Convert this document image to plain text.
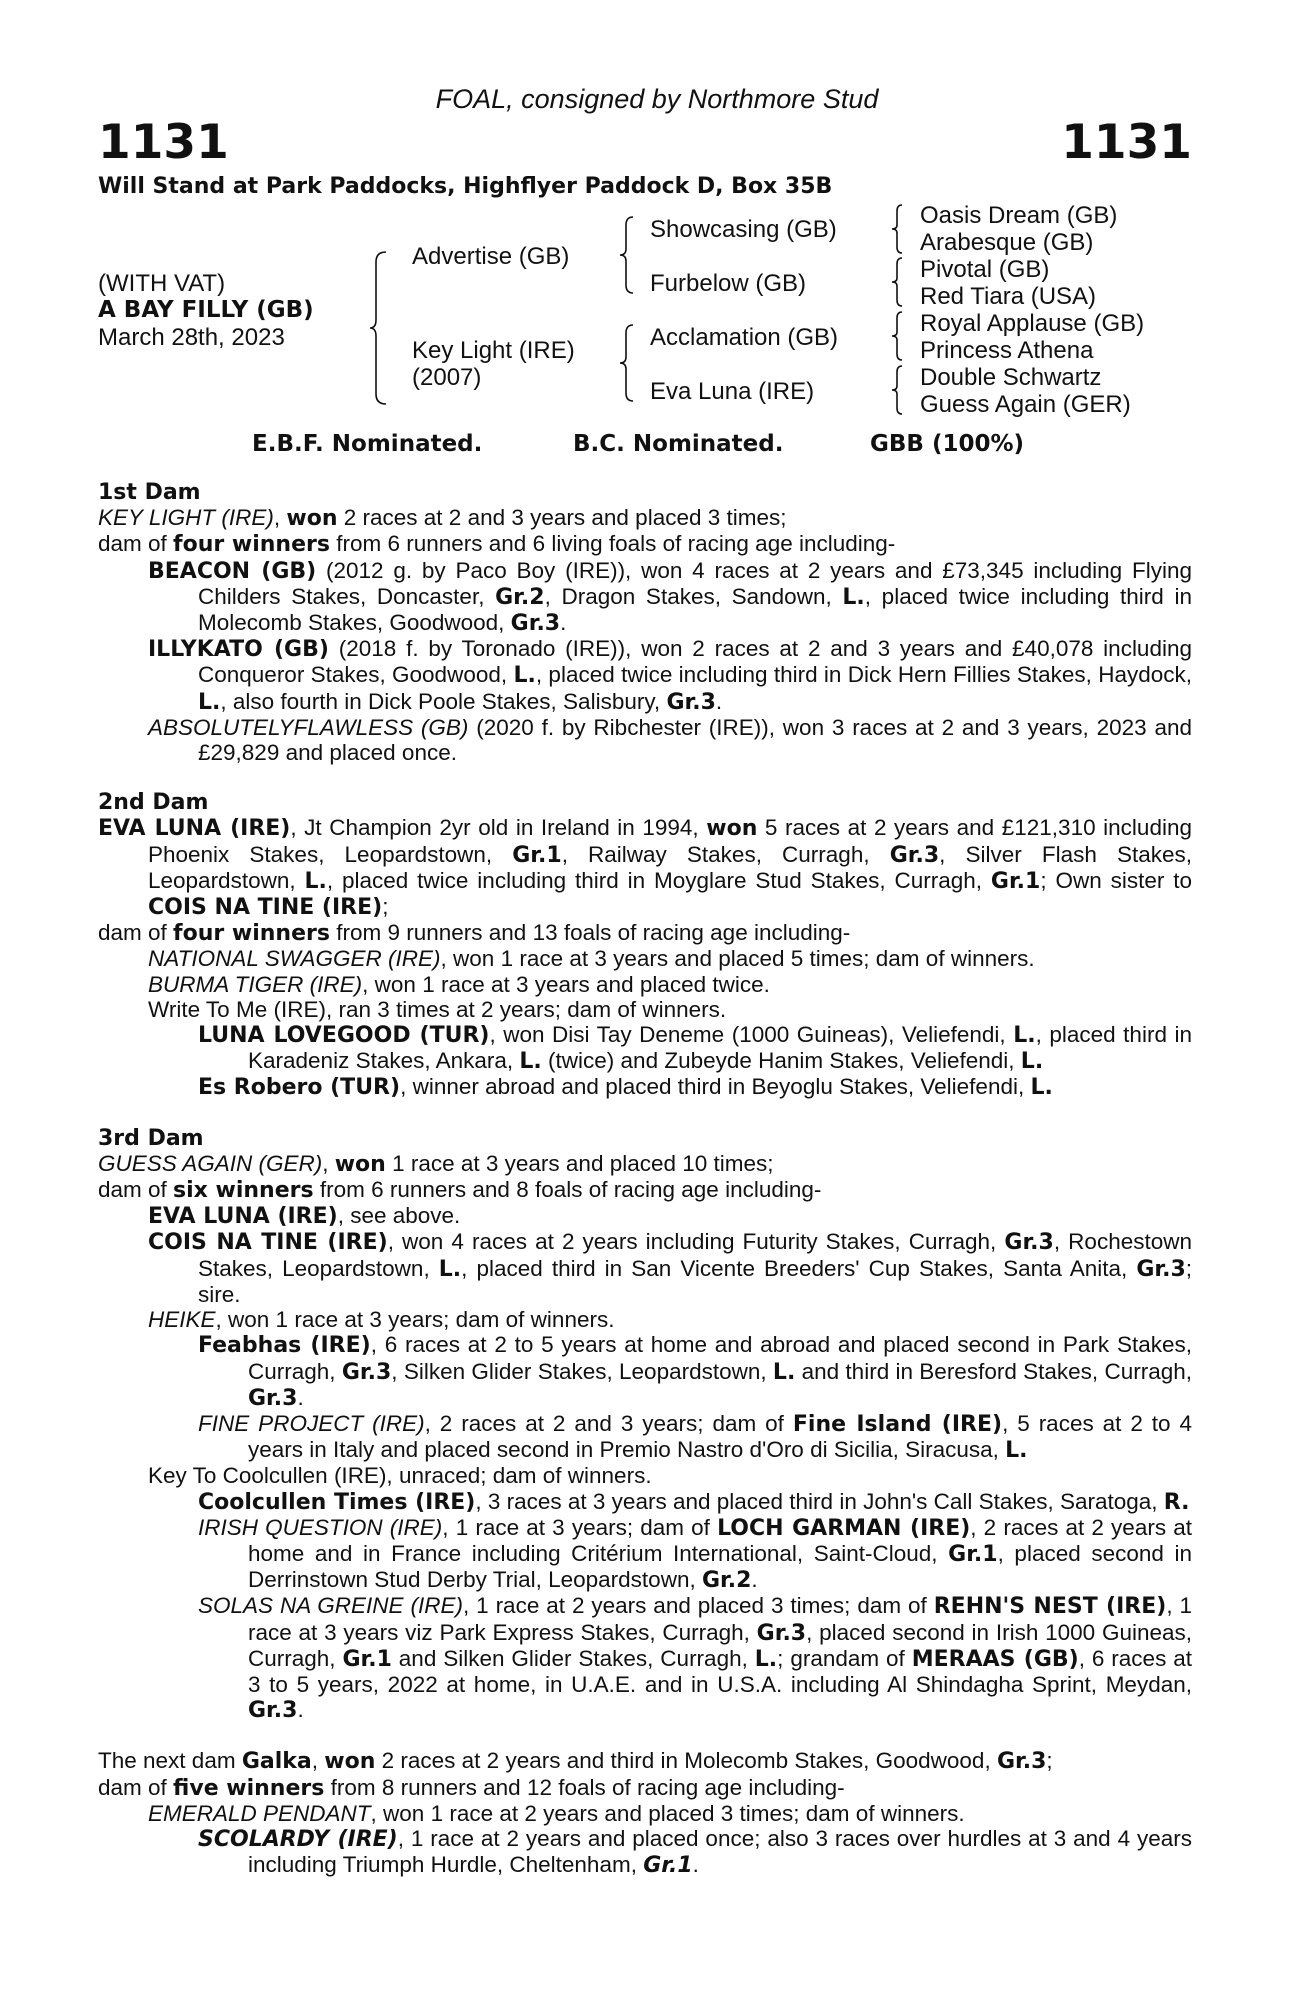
FOAL, consigned by Northmore Stud
1131	1131
Will Stand at Park Paddocks, Highflyer Paddock D, Box 35B
(WITH VAT)
A BAY FILLY (GB)
March 28th, 2023
Advertise (GB)
Key Light (IRE)
(2007)
Showcasing (GB)
Furbelow (GB)
Acclamation (GB)
Eva Luna (IRE)
Oasis Dream (GB)
Arabesque (GB)
Pivotal (GB)
Red Tiara (USA)
Royal Applause (GB)
Princess Athena
Double Schwartz
Guess Again (GER)
E.B.F. Nominated.	B.C. Nominated.	GBB (100%)
1st Dam
KEY LIGHT (IRE), won 2 races at 2 and 3 years and placed 3 times;
dam of four winners from 6 runners and 6 living foals of racing age including-
BEACON (GB) (2012 g. by Paco Boy (IRE)), won 4 races at 2 years and £73,345 including Flying Childers Stakes, Doncaster, Gr.2, Dragon Stakes, Sandown, L., placed twice including third in Molecomb Stakes, Goodwood, Gr.3.
ILLYKATO (GB) (2018 f. by Toronado (IRE)), won 2 races at 2 and 3 years and £40,078 including Conqueror Stakes, Goodwood, L., placed twice including third in Dick Hern Fillies Stakes, Haydock, L., also fourth in Dick Poole Stakes, Salisbury, Gr.3.
ABSOLUTELYFLAWLESS (GB) (2020 f. by Ribchester (IRE)), won 3 races at 2 and 3 years, 2023 and £29,829 and placed once.
2nd Dam
EVA LUNA (IRE), Jt Champion 2yr old in Ireland in 1994, won 5 races at 2 years and £121,310 including Phoenix Stakes, Leopardstown, Gr.1, Railway Stakes, Curragh, Gr.3, Silver Flash Stakes, Leopardstown, L., placed twice including third in Moyglare Stud Stakes, Curragh, Gr.1; Own sister to COIS NA TINE (IRE);
dam of four winners from 9 runners and 13 foals of racing age including-
NATIONAL SWAGGER (IRE), won 1 race at 3 years and placed 5 times; dam of winners.
BURMA TIGER (IRE), won 1 race at 3 years and placed twice.
Write To Me (IRE), ran 3 times at 2 years; dam of winners.
LUNA LOVEGOOD (TUR), won Disi Tay Deneme (1000 Guineas), Veliefendi, L., placed third in Karadeniz Stakes, Ankara, L. (twice) and Zubeyde Hanim Stakes, Veliefendi, L.
Es Robero (TUR), winner abroad and placed third in Beyoglu Stakes, Veliefendi, L.
3rd Dam
GUESS AGAIN (GER), won 1 race at 3 years and placed 10 times;
dam of six winners from 6 runners and 8 foals of racing age including-
EVA LUNA (IRE), see above.
COIS NA TINE (IRE), won 4 races at 2 years including Futurity Stakes, Curragh, Gr.3, Rochestown Stakes, Leopardstown, L., placed third in San Vicente Breeders' Cup Stakes, Santa Anita, Gr.3; sire.
HEIKE, won 1 race at 3 years; dam of winners.
Feabhas (IRE), 6 races at 2 to 5 years at home and abroad and placed second in Park Stakes, Curragh, Gr.3, Silken Glider Stakes, Leopardstown, L. and third in Beresford Stakes, Curragh, Gr.3.
FINE PROJECT (IRE), 2 races at 2 and 3 years; dam of Fine Island (IRE), 5 races at 2 to 4 years in Italy and placed second in Premio Nastro d'Oro di Sicilia, Siracusa, L.
Key To Coolcullen (IRE), unraced; dam of winners.
Coolcullen Times (IRE), 3 races at 3 years and placed third in John's Call Stakes, Saratoga, R.
IRISH QUESTION (IRE), 1 race at 3 years; dam of LOCH GARMAN (IRE), 2 races at 2 years at home and in France including Critérium International, Saint-Cloud, Gr.1, placed second in Derrinstown Stud Derby Trial, Leopardstown, Gr.2.
SOLAS NA GREINE (IRE), 1 race at 2 years and placed 3 times; dam of REHN'S NEST (IRE), 1 race at 3 years viz Park Express Stakes, Curragh, Gr.3, placed second in Irish 1000 Guineas, Curragh, Gr.1 and Silken Glider Stakes, Curragh, L.; grandam of MERAAS (GB), 6 races at 3 to 5 years, 2022 at home, in U.A.E. and in U.S.A. including Al Shindagha Sprint, Meydan, Gr.3.
The next dam Galka, won 2 races at 2 years and third in Molecomb Stakes, Goodwood, Gr.3;
dam of five winners from 8 runners and 12 foals of racing age including-
EMERALD PENDANT, won 1 race at 2 years and placed 3 times; dam of winners.
SCOLARDY (IRE), 1 race at 2 years and placed once; also 3 races over hurdles at 3 and 4 years including Triumph Hurdle, Cheltenham, Gr.1.
